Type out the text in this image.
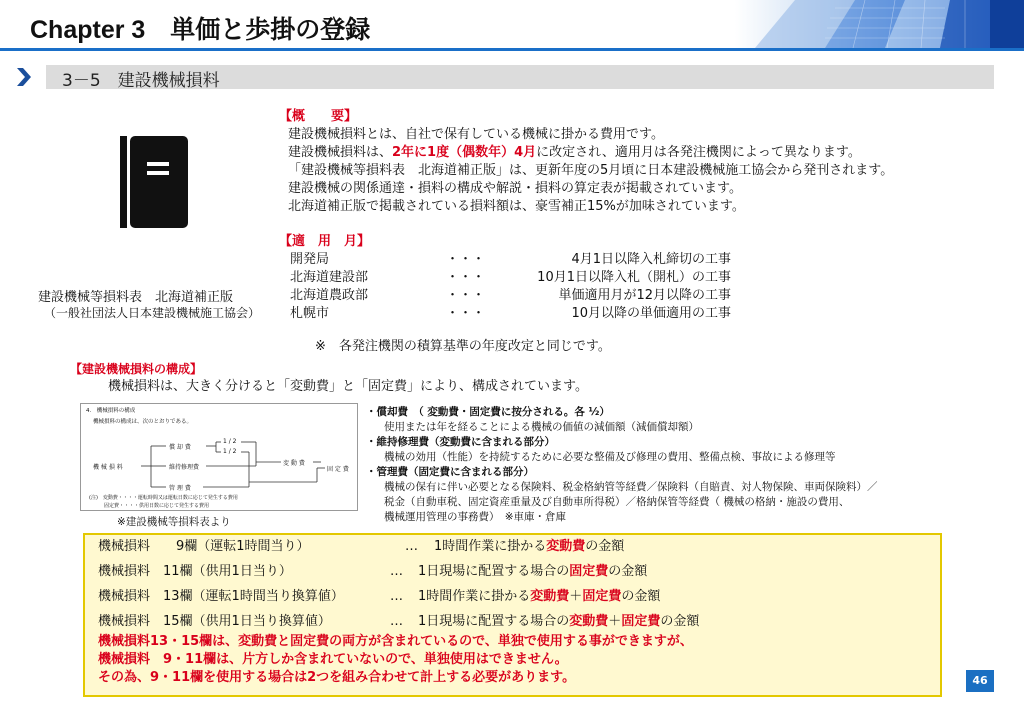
Chapter 3　単価と歩掛の登録
3－5　建設機械損料
建設機械等損料表　北海道補正版
（一般社団法人日本建設機械施工協会）
【概　　要】
建設機械損料とは、自社で保有している機械に掛かる費用です。
建設機械損料は、2年に1度（偶数年）4月に改定され、適用月は各発注機関によって異なります。
「建設機械等損料表　北海道補正版」は、更新年度の5月頃に日本建設機械施工協会から発刊されます。
建設機械の関係通達・損料の構成や解説・損料の算定表が掲載されています。
北海道補正版で掲載されている損料額は、豪雪補正15%が加味されています。
【適　用　月】
開発局	・・・	4月1日以降入札締切の工事
北海道建設部	・・・	10月1日以降入札（開札）の工事
北海道農政部	・・・	単価適用月が12月以降の工事
札幌市	・・・	10月以降の単価適用の工事
※　各発注機関の積算基準の年度改定と同じです。
【建設機械損料の構成】
機械損料は、大きく分けると「変動費」と「固定費」により、構成されています。
4.　機械損料の構成
機械損料の構成は、次のとおりである。
機 械 損 料
償 却 費
維持修理費
管 理 費
1 / 2
1 / 2
変 動 費
固 定 費
(注)　変動費・・・・運転時間又は運転日数に応じて発生する費用
　　　固定費・・・・供用日数に応じて発生する費用
※建設機械等損料表より
・償却費　（ 変動費・固定費に按分される。各 ½）
使用または年を経ることによる機械の価値の減価額（減価償却額）
・維持修理費（変動費に含まれる部分）
機械の効用（性能）を持続するために必要な整備及び修理の費用、整備点検、事故による修理等
・管理費（固定費に含まれる部分）
機械の保有に伴い必要となる保険料、税金格納管等経費／保険料（自賠責、対人物保険、車両保険料）／
税金（自動車税、固定資産重量及び自動車所得税）／格納保管等経費（ 機械の格納・施設の費用、
機械運用管理の事務費）　※車庫・倉庫
機械損料　　9欄（運転1時間当り）	… 1時間作業に掛かる変動費の金額
機械損料　11欄（供用1日当り）	… 1日現場に配置する場合の固定費の金額
機械損料　13欄（運転1時間当り換算値）	… 1時間作業に掛かる変動費＋固定費の金額
機械損料　15欄（供用1日当り換算値）	… 1日現場に配置する場合の変動費＋固定費の金額
機械損料13・15欄は、変動費と固定費の両方が含まれているので、単独で使用する事ができますが、
機械損料　9・11欄は、片方しか含まれていないので、単独使用はできません。
その為、9・11欄を使用する場合は2つを組み合わせて計上する必要があります。	46
